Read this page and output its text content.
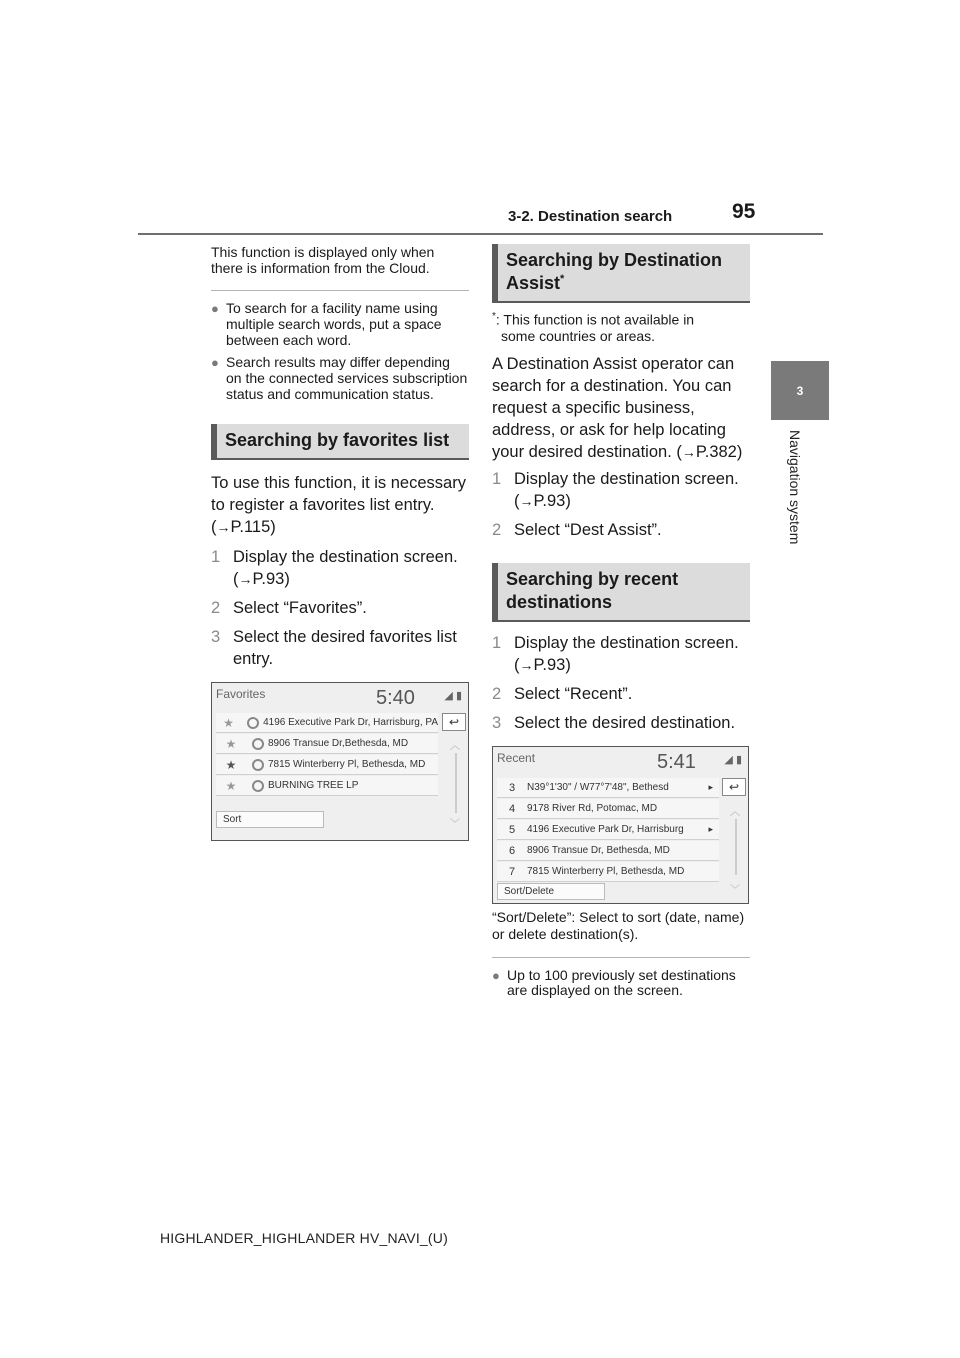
3-2. Destination search	95
3
Navigation system
This function is displayed only when there is information from the Cloud.
● To search for a facility name using multiple search words, put a space between each word.
● Search results may differ depending on the connected services subscription status and communication status.
Searching by favorites list
To use this function, it is necessary to register a favorites list entry. (→P.115)
1 Display the destination screen. (→P.93)
2 Select “Favorites”.
3 Select the desired favorites list entry.
Favorites	5:40	◢ ▮
↩
★	4196 Executive Park Dr, Harrisburg, PA
★	8906 Transue Dr,Bethesda, MD
★	7815 Winterberry Pl, Bethesda, MD
★	BURNING TREE LP
︿
﹀
Sort
Searching by Destination Assist*
*: This function is not available in
some countries or areas.
A Destination Assist operator can search for a destination. You can request a specific business, address, or ask for help locating your desired destination. (→P.382)
1 Display the destination screen. (→P.93)
2 Select “Dest Assist”.
Searching by recent destinations
1 Display the destination screen. (→P.93)
2 Select “Recent”.
3 Select the desired destination.
Recent	5:41	◢ ▮
↩
3	N39°1'30" / W77°7'48", Bethesd	▸
4	9178 River Rd, Potomac, MD
5	4196 Executive Park Dr, Harrisburg	▸
6	8906 Transue Dr, Bethesda, MD
7	7815 Winterberry Pl, Bethesda, MD
︿
﹀
Sort/Delete
“Sort/Delete”: Select to sort (date, name) or delete destination(s).
● Up to 100 previously set destinations are displayed on the screen.
HIGHLANDER_HIGHLANDER HV_NAVI_(U)
